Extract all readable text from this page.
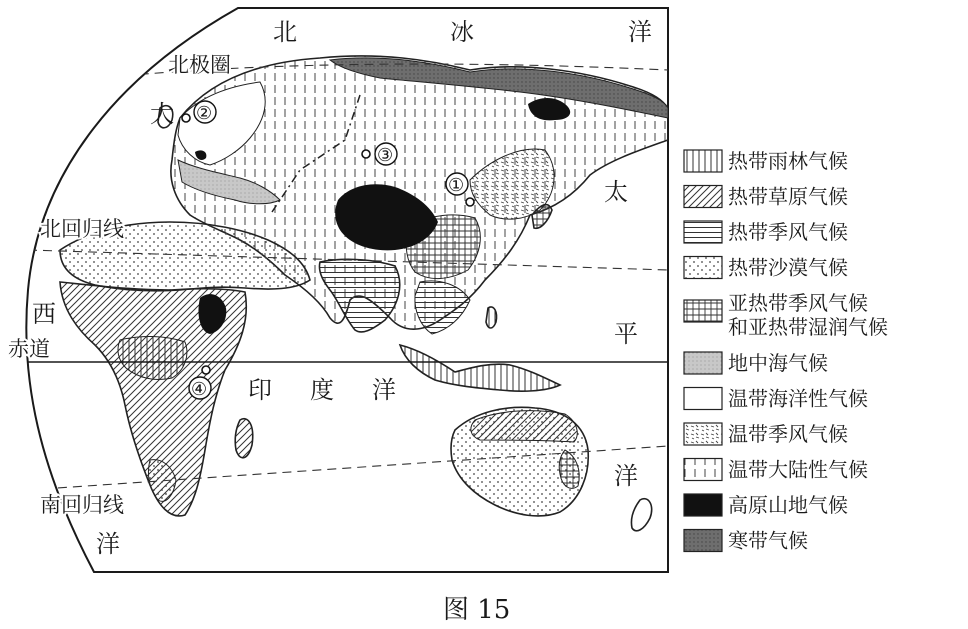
北	冰	洋
大
西
洋
印 度 洋
太
平
洋
北极圈
北回归线
赤道
南回归线
①
②
③
④
热带雨林气候
热带草原气候
热带季风气候
热带沙漠气候
亚热带季风气候
和亚热带湿润气候
地中海气候
温带海洋性气候
温带季风气候
温带大陆性气候
高原山地气候
寒带气候
图 15
